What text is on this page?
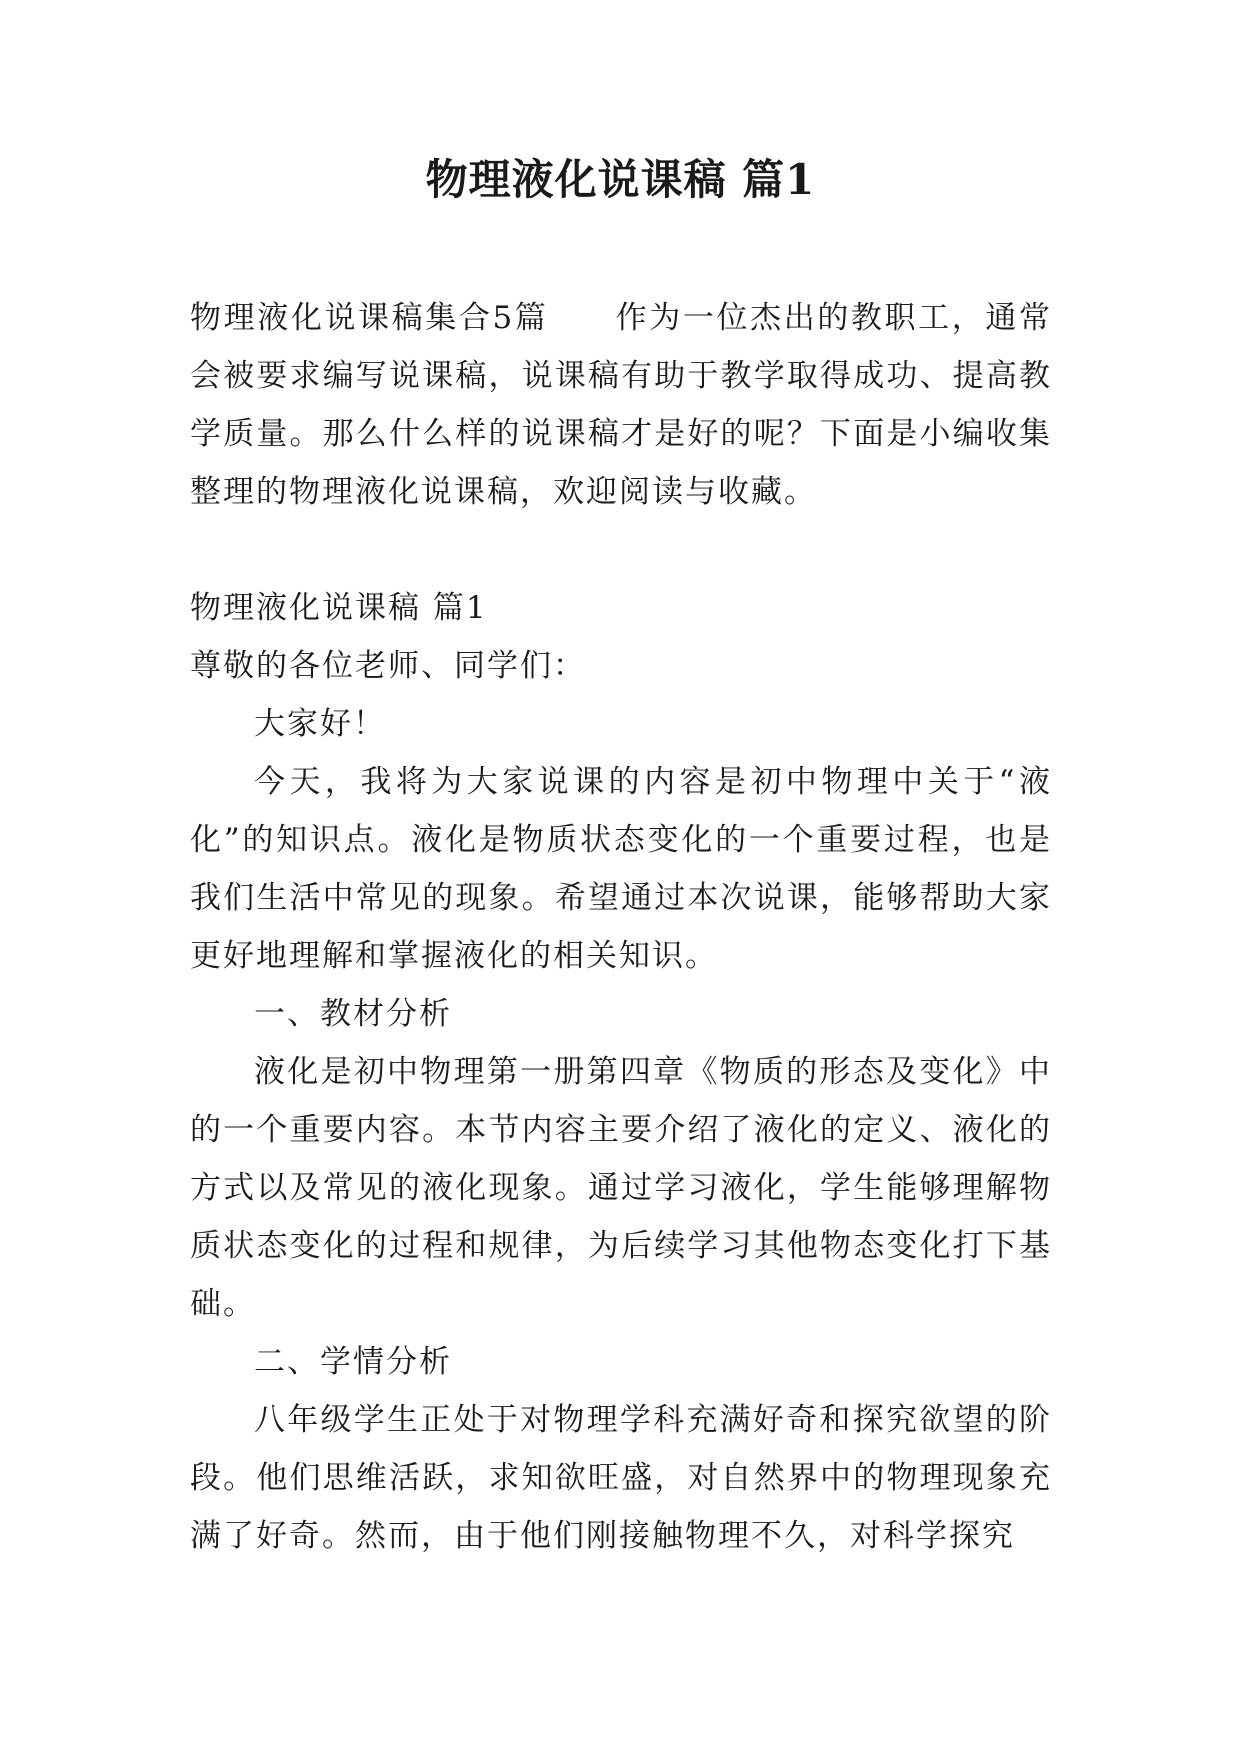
物理液化说课稿 篇1

物理液化说课稿集合5篇　　作为一位杰出的教职工，通常会被要求编写说课稿，说课稿有助于教学取得成功、提高教学质量。那么什么样的说课稿才是好的呢？下面是小编收集整理的物理液化说课稿，欢迎阅读与收藏。

物理液化说课稿 篇1

尊敬的各位老师、同学们：

大家好！

今天，我将为大家说课的内容是初中物理中关于“液化”的知识点。液化是物质状态变化的一个重要过程，也是我们生活中常见的现象。希望通过本次说课，能够帮助大家更好地理解和掌握液化的相关知识。

一、教材分析

液化是初中物理第一册第四章《物质的形态及变化》中的一个重要内容。本节内容主要介绍了液化的定义、液化的方式以及常见的液化现象。通过学习液化，学生能够理解物质状态变化的过程和规律，为后续学习其他物态变化打下基础。

二、学情分析

八年级学生正处于对物理学科充满好奇和探究欲望的阶段。他们思维活跃，求知欲旺盛，对自然界中的物理现象充满了好奇。然而，由于他们刚接触物理不久，对科学探究
